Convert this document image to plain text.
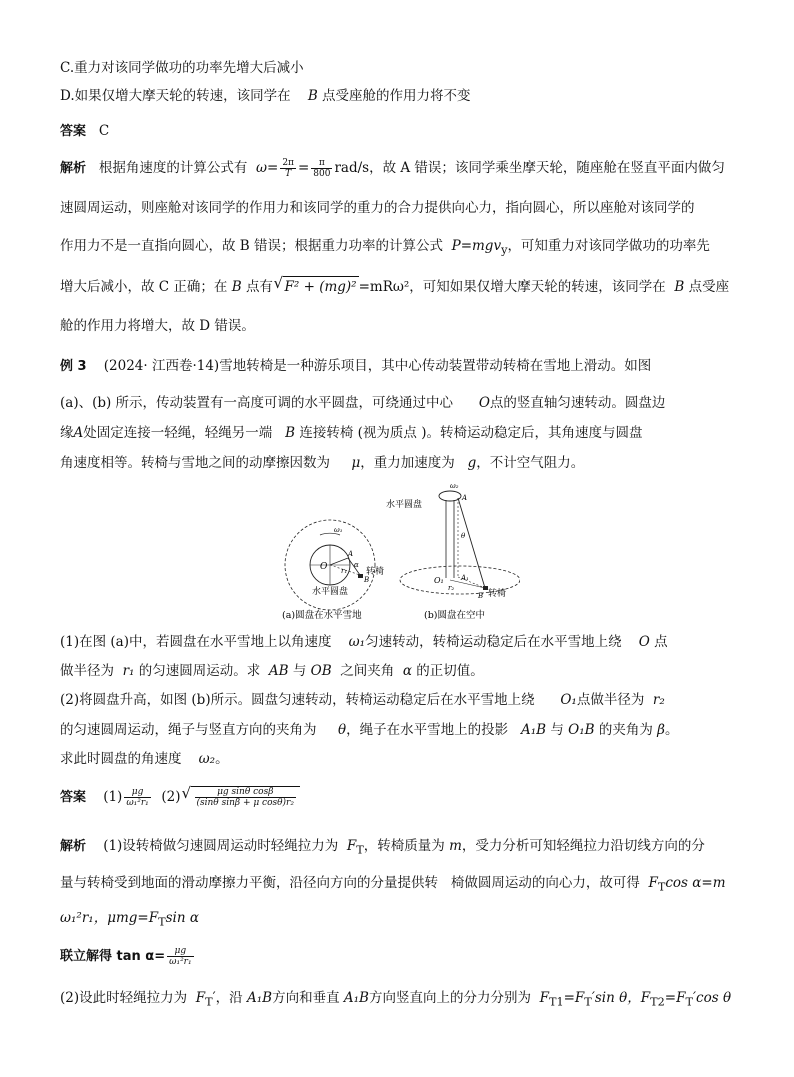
C.重力对该同学做功的功率先增大后减小
D.如果仅增大摩天轮的转速，该同学在 B 点受座舱的作用力将不变
答案 C
解析 根据角速度的计算公式有 $\omega= \frac{2\pi}{T} = \frac{\pi}{800} rad/s$，故 A 错误；该同学乘坐摩天轮，随座舱在竖直平面内做匀
速圆周运动，则座舱对该同学的作用力和该同学的重力的合力提供向心力，指向圆心，所以座舱对该同学的
作用力不是一直指向圆心，故 B 错误；根据重力功率的计算公式 P=mgv$_y$，可知重力对该同学做功的功率先
增大后减小，故 C 正确；在 B 点有 √ F² + (mg)² =mRω²，可知如果仅增大摩天轮的转速，该同学在 B 点受座
舱的作用力将增大，故 D 错误。
例 3 (2024· 江西卷·14)雪地转椅是一种游乐项目，其中心传动装置带动转椅在雪地上滑动。如图
(a)、(b) 所示，传动装置有一高度可调的水平圆盘，可绕通过中心 O点的竖直轴匀速转动。圆盘边
缘A处固定连接一轻绳，轻绳另一端 B 连接转椅 (视为质点 )。转椅运动稳定后，其角速度与圆盘
角速度相等。转椅与雪地之间的动摩擦因数为 μ，重力加速度为 g，不计空气阻力。
ω₁
O
A
r₁
α
B
转椅
水平圆盘
(a)圆盘在水平雪地
ω₂
A
θ
O₁ A₁
r₂
B 转椅
水平圆盘
(b)圆盘在空中
(1)在图 (a)中，若圆盘在水平雪地上以角速度 ω₁匀速转动，转椅运动稳定后在水平雪地上绕 O 点
做半径为 r₁ 的匀速圆周运动。求 AB 与 OB 之间夹角 α 的正切值。
(2)将圆盘升高，如图 (b)所示。圆盘匀速转动，转椅运动稳定后在水平雪地上绕 O₁点做半径为 r₂
的匀速圆周运动，绳子与竖直方向的夹角为 θ，绳子在水平雪地上的投影 A₁B 与 O₁B 的夹角为 β。
求此时圆盘的角速度 ω₂。
答案 $(1) \frac{\mu g}{\text{ω₁²r₁}} (2)$ √ $\frac{\text{μg sinθ cosβ}}{\text{(sinθ sinβ + μ cosθ)r₂}}$
解析 (1)设转椅做匀速圆周运动时轻绳拉力为 $F_T$，转椅质量为 m，受力分析可知轻绳拉力沿切线方向的分
量与转椅受到地面的滑动摩擦力平衡，沿径向方向的分量提供转 椅做圆周运动的向心力，故可得 $F_T\cos$ α=m
ω₁²r₁，$\mu mg=F_T\sin$ α
联立解得 $\tan \alpha= \frac{\mu g}{\text{ω₁²r₁}}$
(2)设此时轻绳拉力为 $F_T'$，沿 A₁B方向和垂直 A₁B方向竖直向上的分力分别为 $F_{T1}=F_T'\sin$ θ，$F_{T2}=F_T'\cos$ θ
